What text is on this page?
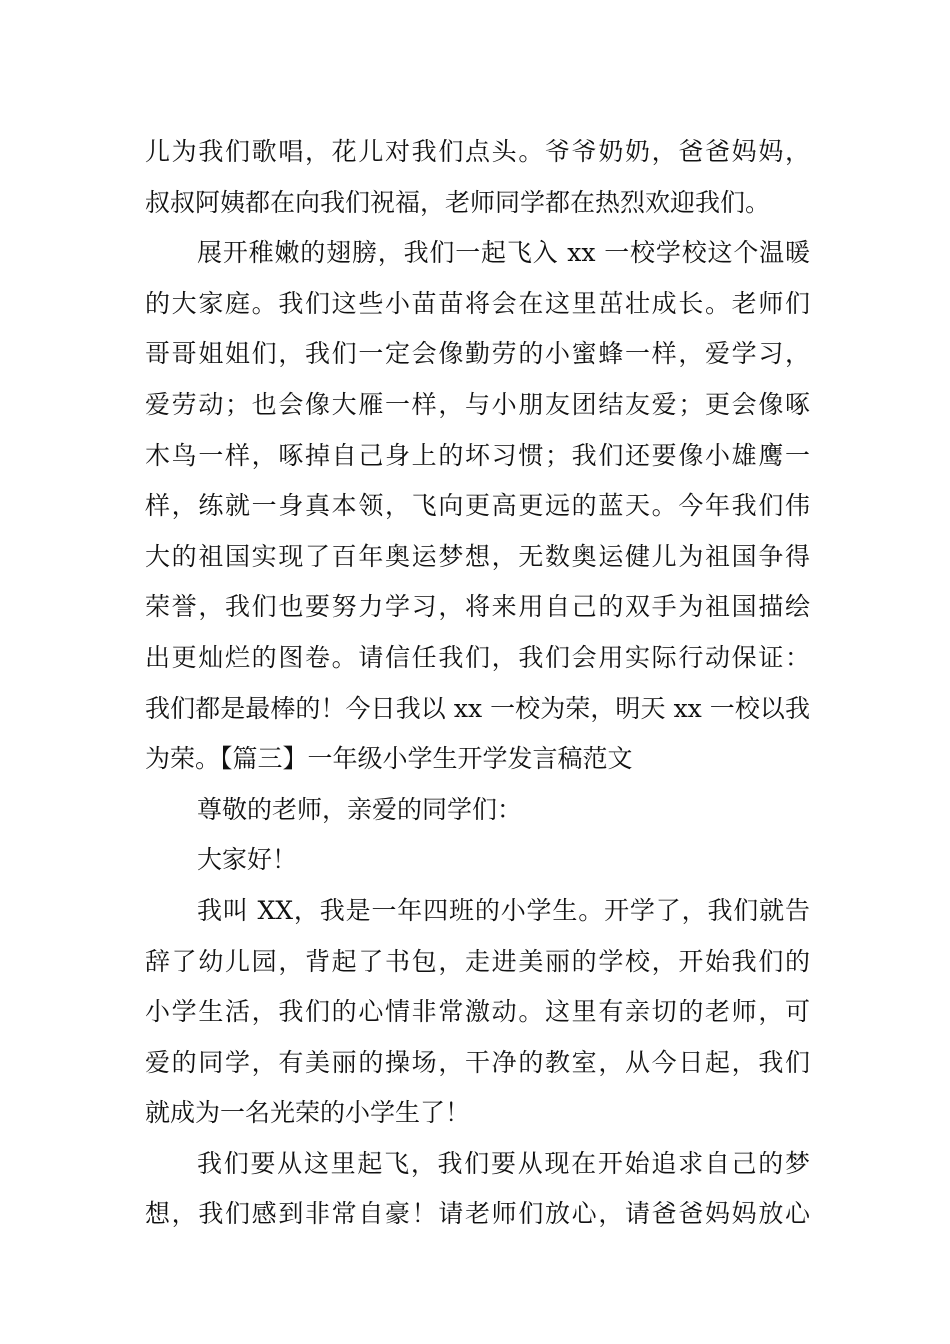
儿为我们歌唱，花儿对我们点头。爷爷奶奶，爸爸妈妈，
叔叔阿姨都在向我们祝福，老师同学都在热烈欢迎我们。
展开稚嫩的翅膀，我们一起飞入 xx 一校学校这个温暖
的大家庭。我们这些小苗苗将会在这里茁壮成长。老师们
哥哥姐姐们，我们一定会像勤劳的小蜜蜂一样，爱学习，
爱劳动；也会像大雁一样，与小朋友团结友爱；更会像啄
木鸟一样，啄掉自己身上的坏习惯；我们还要像小雄鹰一
样，练就一身真本领，飞向更高更远的蓝天。今年我们伟
大的祖国实现了百年奥运梦想，无数奥运健儿为祖国争得
荣誉，我们也要努力学习，将来用自己的双手为祖国描绘
出更灿烂的图卷。请信任我们，我们会用实际行动保证：
我们都是最棒的！今日我以 xx 一校为荣，明天 xx 一校以我
为荣。【篇三】一年级小学生开学发言稿范文
尊敬的老师，亲爱的同学们：
大家好！
我叫 XX，我是一年四班的小学生。开学了，我们就告
辞了幼儿园，背起了书包，走进美丽的学校，开始我们的
小学生活，我们的心情非常激动。这里有亲切的老师，可
爱的同学，有美丽的操场，干净的教室，从今日起，我们
就成为一名光荣的小学生了！
我们要从这里起飞，我们要从现在开始追求自己的梦
想，我们感到非常自豪！请老师们放心，请爸爸妈妈放心
